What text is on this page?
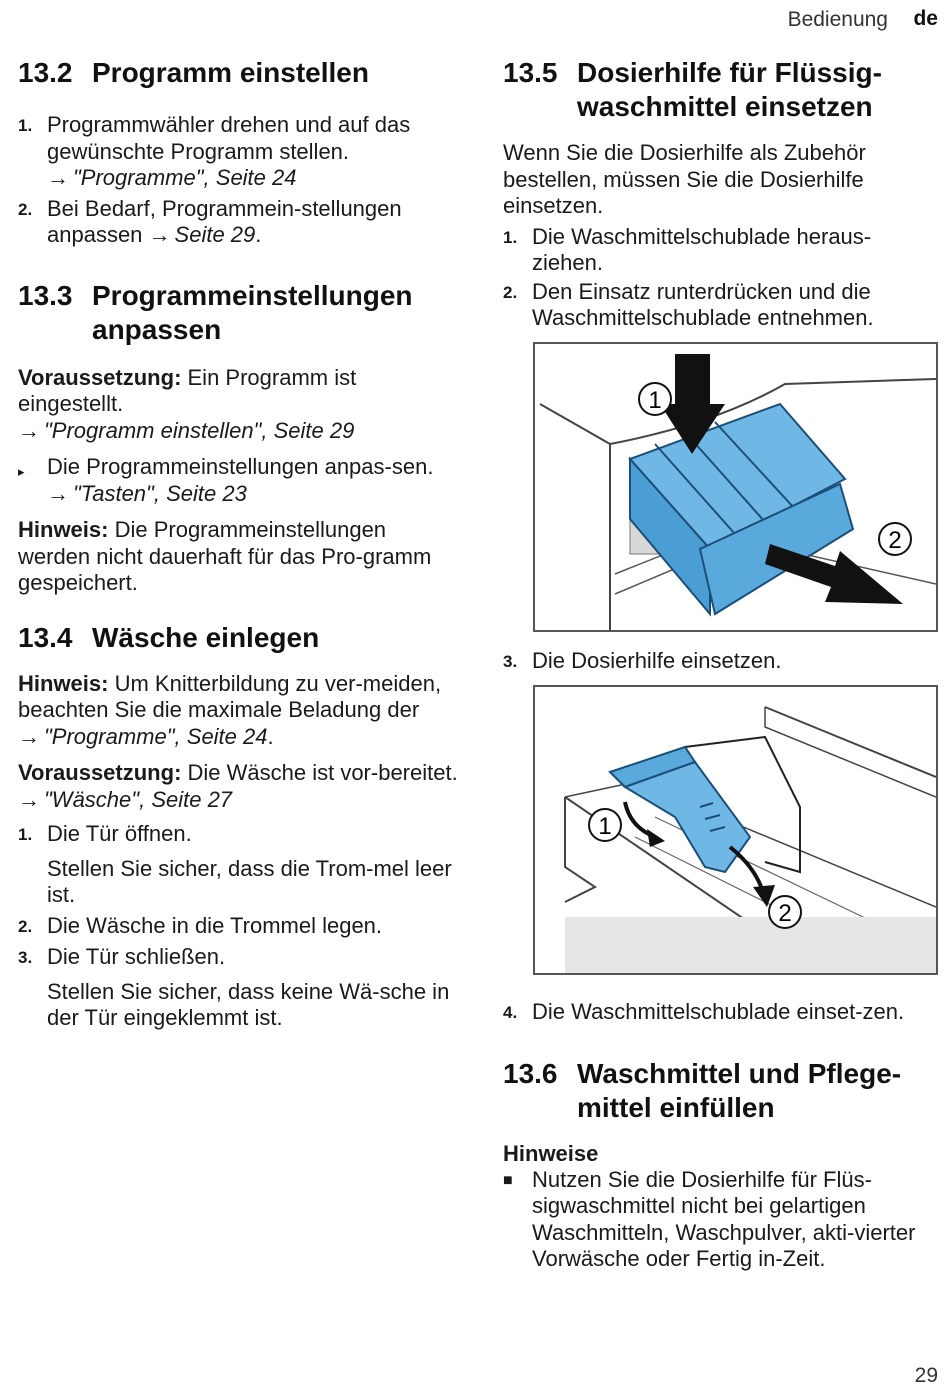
Bedienung de
13.2 Programm einstellen
1. Programmwähler drehen und auf das gewünschte Programm stellen.
→ "Programme", Seite 24
2. Bei Bedarf, Programmein-stellungen anpassen → Seite 29.
13.3 Programmeinstellungen anpassen

Voraussetzung: Ein Programm ist eingestellt.
→ "Programm einstellen", Seite 29

▸	Die Programmeinstellungen anpas-sen.
→ "Tasten", Seite 23

Hinweis: Die Programmeinstellungen werden nicht dauerhaft für das Pro-gramm gespeichert.

13.4 Wäsche einlegen

Hinweis: Um Knitterbildung zu ver-meiden, beachten Sie die maximale Beladung der
→ "Programme", Seite 24.

Voraussetzung: Die Wäsche ist vor-bereitet.
→ "Wäsche", Seite 27

1. Die Tür öffnen.
Stellen Sie sicher, dass die Trom-mel leer ist.
2. Die Wäsche in die Trommel legen.
3. Die Tür schließen.
Stellen Sie sicher, dass keine Wä-sche in der Tür eingeklemmt ist.
13.5 Dosierhilfe für Flüssig-waschmittel einsetzen

Wenn Sie die Dosierhilfe als Zubehör bestellen, müssen Sie die Dosierhilfe einsetzen.

1. Die Waschmittelschublade heraus-ziehen.
2. Den Einsatz runterdrücken und die Waschmittelschublade entnehmen.
1
2
3. Die Dosierhilfe einsetzen.
1
2
4. Die Waschmittelschublade einset-zen.
13.6 Waschmittel und Pflege-mittel einfüllen
Hinweise
■ Nutzen Sie die Dosierhilfe für Flüs-sigwaschmittel nicht bei gelartigen Waschmitteln, Waschpulver, akti-vierter Vorwäsche oder Fertig in-Zeit.
29
